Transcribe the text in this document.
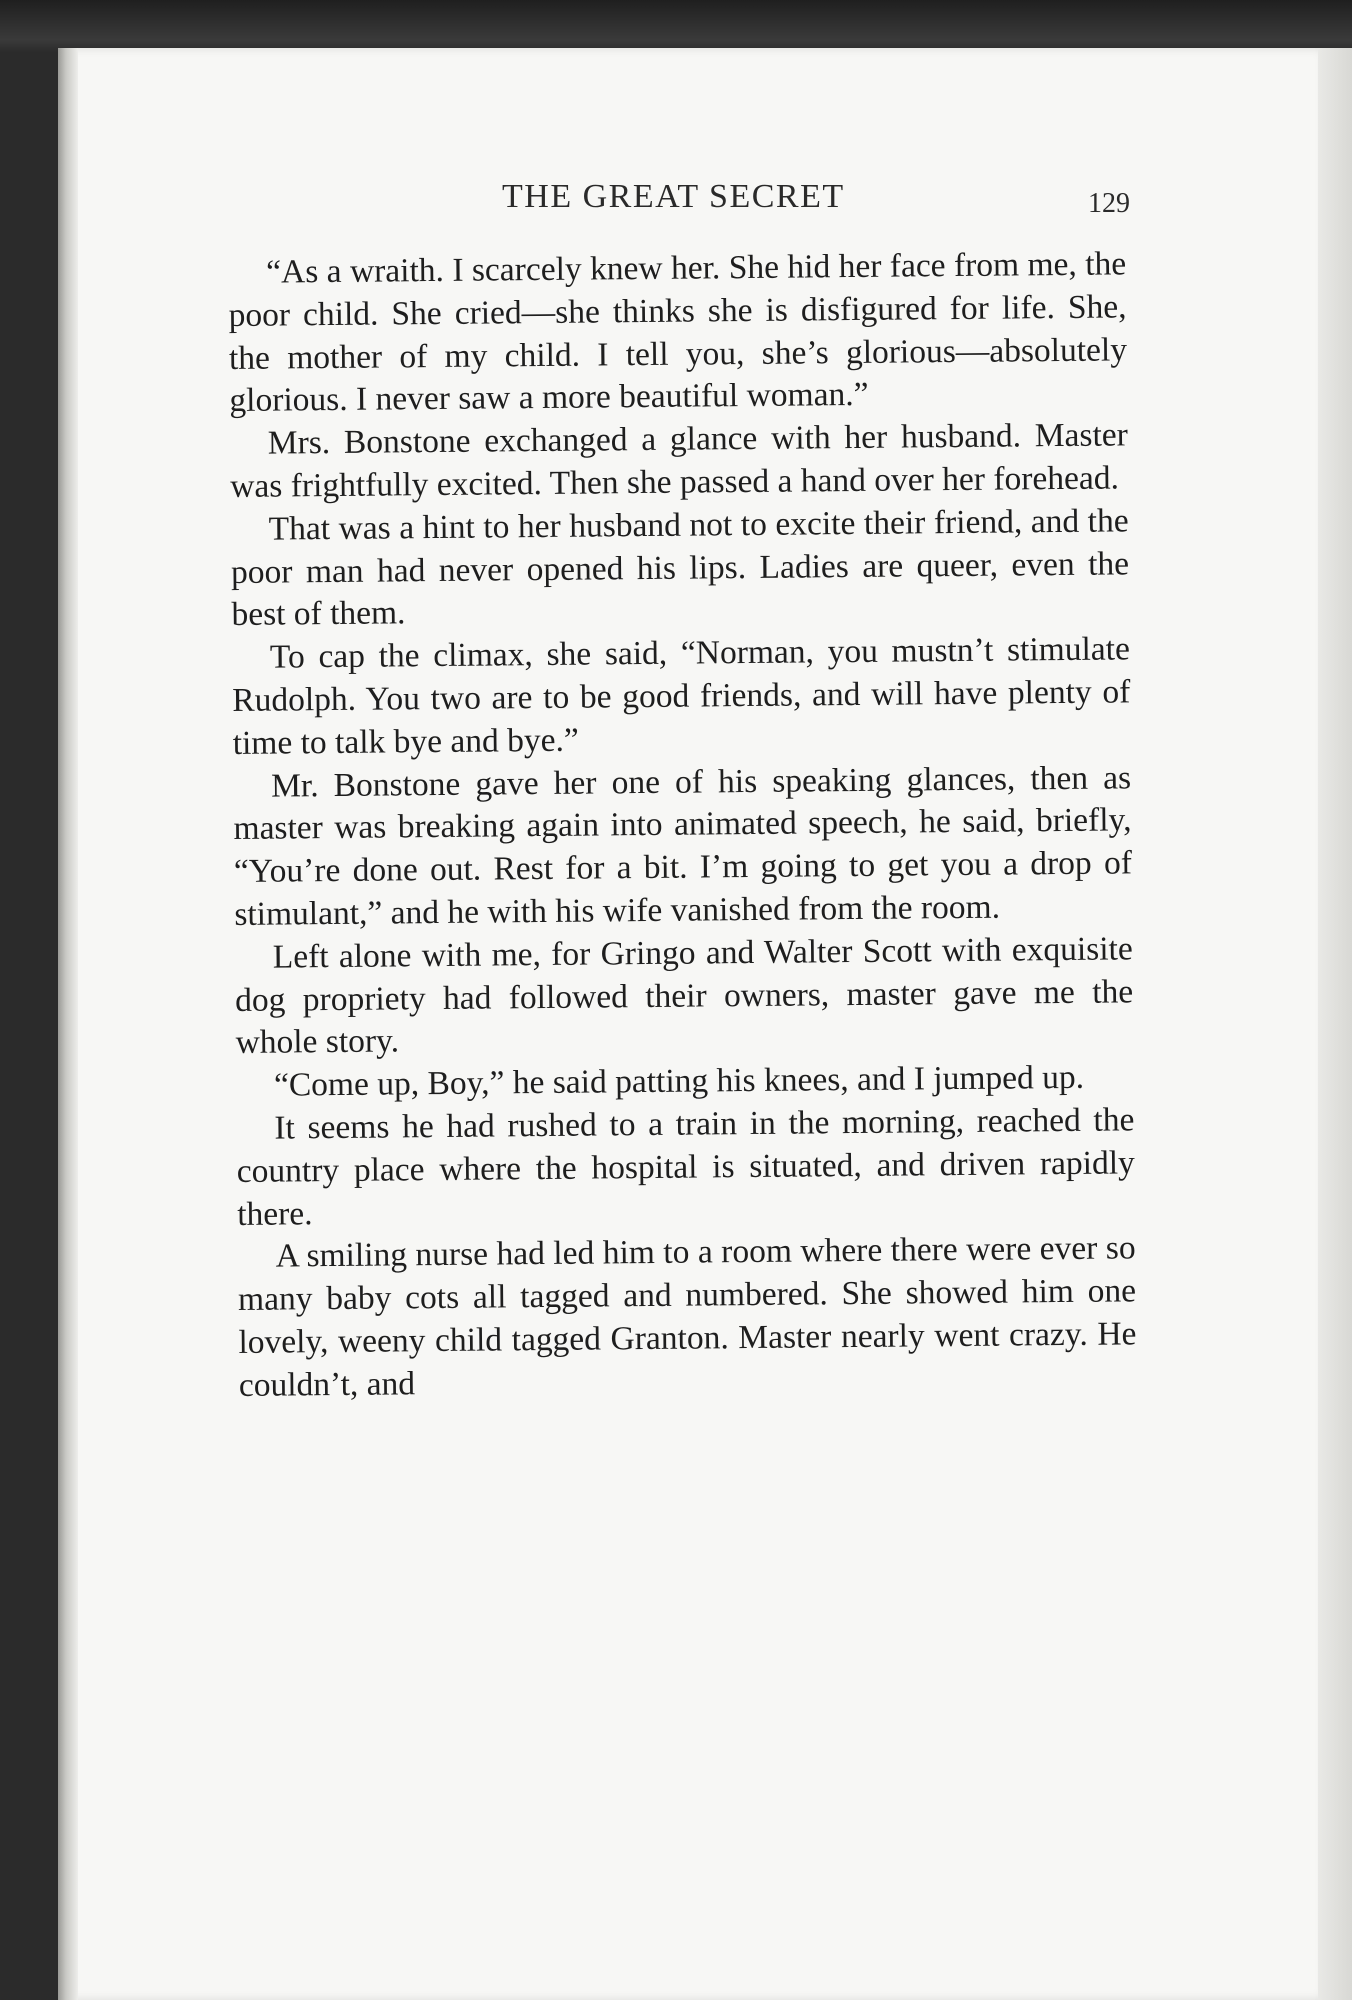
THE GREAT SECRET	129

“As a wraith. I scarcely knew her. She hid her face from me, the poor child. She cried—she thinks she is disfigured for life. She, the mother of my child. I tell you, she’s glorious—absolutely glorious. I never saw a more beautiful woman.”

Mrs. Bonstone exchanged a glance with her husband. Master was frightfully excited. Then she passed a hand over her forehead.

That was a hint to her husband not to excite their friend, and the poor man had never opened his lips. Ladies are queer, even the best of them.

To cap the climax, she said, “Norman, you mustn’t stimulate Rudolph. You two are to be good friends, and will have plenty of time to talk bye and bye.”

Mr. Bonstone gave her one of his speaking glances, then as master was breaking again into animated speech, he said, briefly, “You’re done out. Rest for a bit. I’m going to get you a drop of stimulant,” and he with his wife vanished from the room.

Left alone with me, for Gringo and Walter Scott with exquisite dog propriety had followed their owners, master gave me the whole story.

“Come up, Boy,” he said patting his knees, and I jumped up.

It seems he had rushed to a train in the morning, reached the country place where the hospital is situated, and driven rapidly there.

A smiling nurse had led him to a room where there were ever so many baby cots all tagged and numbered. She showed him one lovely, weeny child tagged Granton. Master nearly went crazy. He couldn’t, and
